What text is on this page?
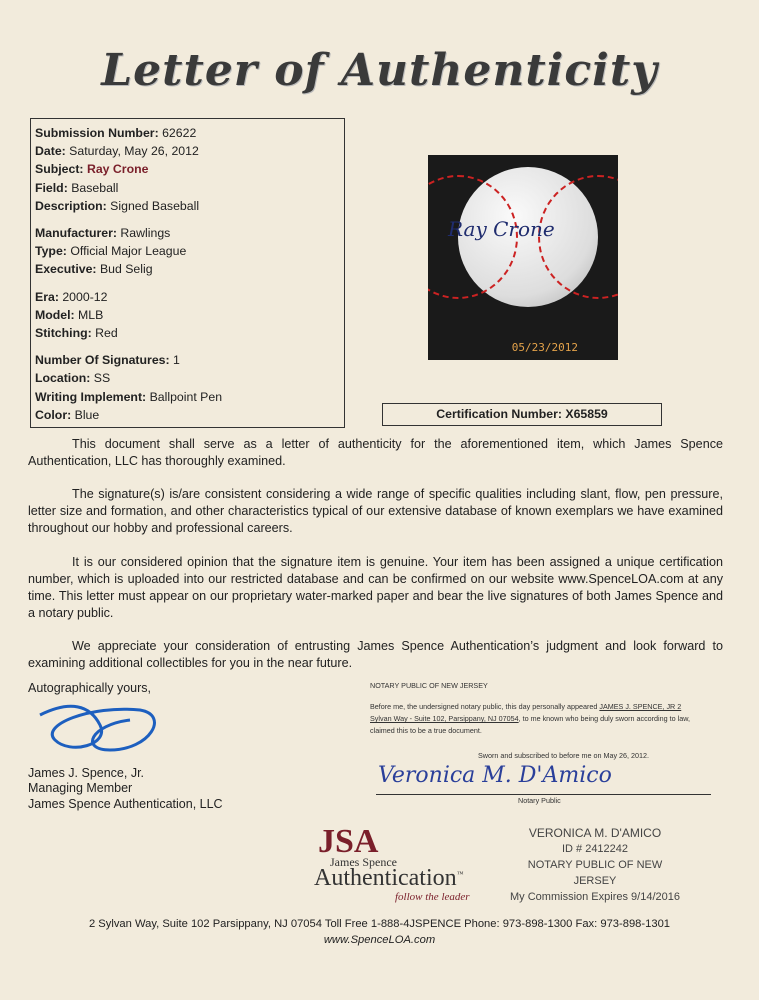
Letter of Authenticity
Submission Number: 62622
Date: Saturday, May 26, 2012
Subject: Ray Crone
Field: Baseball
Description: Signed Baseball
Manufacturer: Rawlings
Type: Official Major League
Executive: Bud Selig
Era: 2000-12
Model: MLB
Stitching: Red
Number Of Signatures: 1
Location: SS
Writing Implement: Ballpoint Pen
Color: Blue
Ray Crone
05/23/2012
Certification Number: X65859
This document shall serve as a letter of authenticity for the aforementioned item, which James Spence Authentication, LLC has thoroughly examined.
The signature(s) is/are consistent considering a wide range of specific qualities including slant, flow, pen pressure, letter size and formation, and other characteristics typical of our extensive database of known exemplars we have examined throughout our hobby and professional careers.
It is our considered opinion that the signature item is genuine. Your item has been assigned a unique certification number, which is uploaded into our restricted database and can be confirmed on our website www.SpenceLOA.com at any time. This letter must appear on our proprietary water-marked paper and bear the live signatures of both James Spence and a notary public.
We appreciate your consideration of entrusting James Spence Authentication’s judgment and look forward to examining additional collectibles for you in the near future.
Autographically yours,
James J. Spence, Jr.
Managing Member
James Spence Authentication, LLC
NOTARY PUBLIC OF NEW JERSEY
Before me, the undersigned notary public, this day personally appeared JAMES J. SPENCE, JR 2 Sylvan Way - Suite 102, Parsippany, NJ 07054, to me known who being duly sworn according to law, claimed this to be a true document.
Sworn and subscribed to before me on May 26, 2012.
Veronica M. D'Amico
Notary Public
VERONICA M. D'AMICO
ID # 2412242
NOTARY PUBLIC OF NEW JERSEY
My Commission Expires 9/14/2016
JSA
James Spence
Authentication™
follow the leader
2 Sylvan Way, Suite 102 Parsippany, NJ 07054 Toll Free 1-888-4JSPENCE Phone: 973-898-1300 Fax: 973-898-1301
www.SpenceLOA.com
